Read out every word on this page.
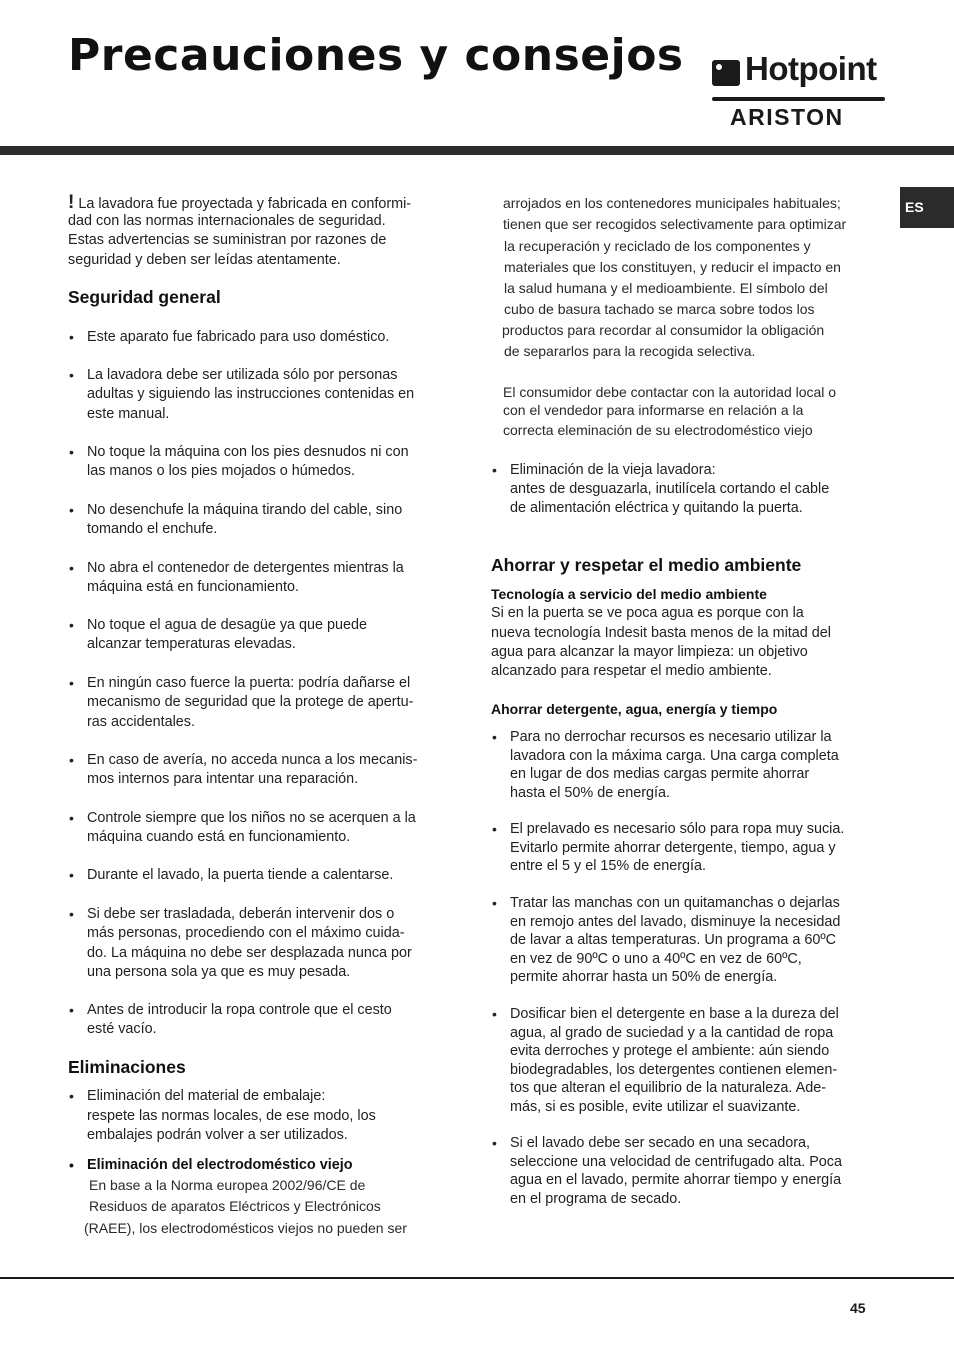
Precauciones y consejos Hotpoint
ARISTON
ES
! La lavadora fue proyectada y fabricada en conformi-
dad con las normas internacionales de seguridad.
Estas advertencias se suministran por razones de
seguridad y deben ser leídas atentamente.
Seguridad general
• Este aparato fue fabricado para uso doméstico.
• La lavadora debe ser utilizada sólo por personas
adultas y siguiendo las instrucciones contenidas en
este manual.
• No toque la máquina con los pies desnudos ni con
las manos o los pies mojados o húmedos.
• No desenchufe la máquina tirando del cable, sino
tomando el enchufe.
• No abra el contenedor de detergentes mientras la
máquina está en funcionamiento.
• No toque el agua de desagüe ya que puede
alcanzar temperaturas elevadas.
• En ningún caso fuerce la puerta: podría dañarse el
mecanismo de seguridad que la protege de apertu-
ras accidentales.
• En caso de avería, no acceda nunca a los mecanis-
mos internos para intentar una reparación.
• Controle siempre que los niños no se acerquen a la
máquina cuando está en funcionamiento.
• Durante el lavado, la puerta tiende a calentarse.
• Si debe ser trasladada, deberán intervenir dos o
más personas, procediendo con el máximo cuida-
do. La máquina no debe ser desplazada nunca por
una persona sola ya que es muy pesada.
• Antes de introducir la ropa controle que el cesto
esté vacío.
Eliminaciones
• Eliminación del material de embalaje:
respete las normas locales, de ese modo, los
embalajes podrán volver a ser utilizados.
• Eliminación del electrodoméstico viejo
En base a la Norma europea 2002/96/CE de
Residuos de aparatos Eléctricos y Electrónicos
(RAEE), los electrodomésticos viejos no pueden ser
arrojados en los contenedores municipales habituales;
tienen que ser recogidos selectivamente para optimizar
la recuperación y reciclado de los componentes y
materiales que los constituyen, y reducir el impacto en
la salud humana y el medioambiente. El símbolo del
cubo de basura tachado se marca sobre todos los
productos para recordar al consumidor la obligación
de separarlos para la recogida selectiva.
El consumidor debe contactar con la autoridad local o
con el vendedor para informarse en relación a la
correcta eleminación de su electrodoméstico viejo
• Eliminación de la vieja lavadora:
antes de desguazarla, inutilícela cortando el cable
de alimentación eléctrica y quitando la puerta.
Ahorrar y respetar el medio ambiente
Tecnología a servicio del medio ambiente
Si en la puerta se ve poca agua es porque con la
nueva tecnología Indesit basta menos de la mitad del
agua para alcanzar la mayor limpieza: un objetivo
alcanzado para respetar el medio ambiente.
Ahorrar detergente, agua, energía y tiempo
• Para no derrochar recursos es necesario utilizar la
lavadora con la máxima carga. Una carga completa
en lugar de dos medias cargas permite ahorrar
hasta el 50% de energía.
• El prelavado es necesario sólo para ropa muy sucia.
Evitarlo permite ahorrar detergente, tiempo, agua y
entre el 5 y el 15% de energía.
• Tratar las manchas con un quitamanchas o dejarlas
en remojo antes del lavado, disminuye la necesidad
de lavar a altas temperaturas. Un programa a 60ºC
en vez de 90ºC o uno a 40ºC en vez de 60ºC,
permite ahorrar hasta un 50% de energía.
• Dosificar bien el detergente en base a la dureza del
agua, al grado de suciedad y a la cantidad de ropa
evita derroches y protege el ambiente: aún siendo
biodegradables, los detergentes contienen elemen-
tos que alteran el equilibrio de la naturaleza. Ade-
más, si es posible, evite utilizar el suavizante.
• Si el lavado debe ser secado en una secadora,
seleccione una velocidad de centrifugado alta. Poca
agua en el lavado, permite ahorrar tiempo y energía
en el programa de secado.
45
